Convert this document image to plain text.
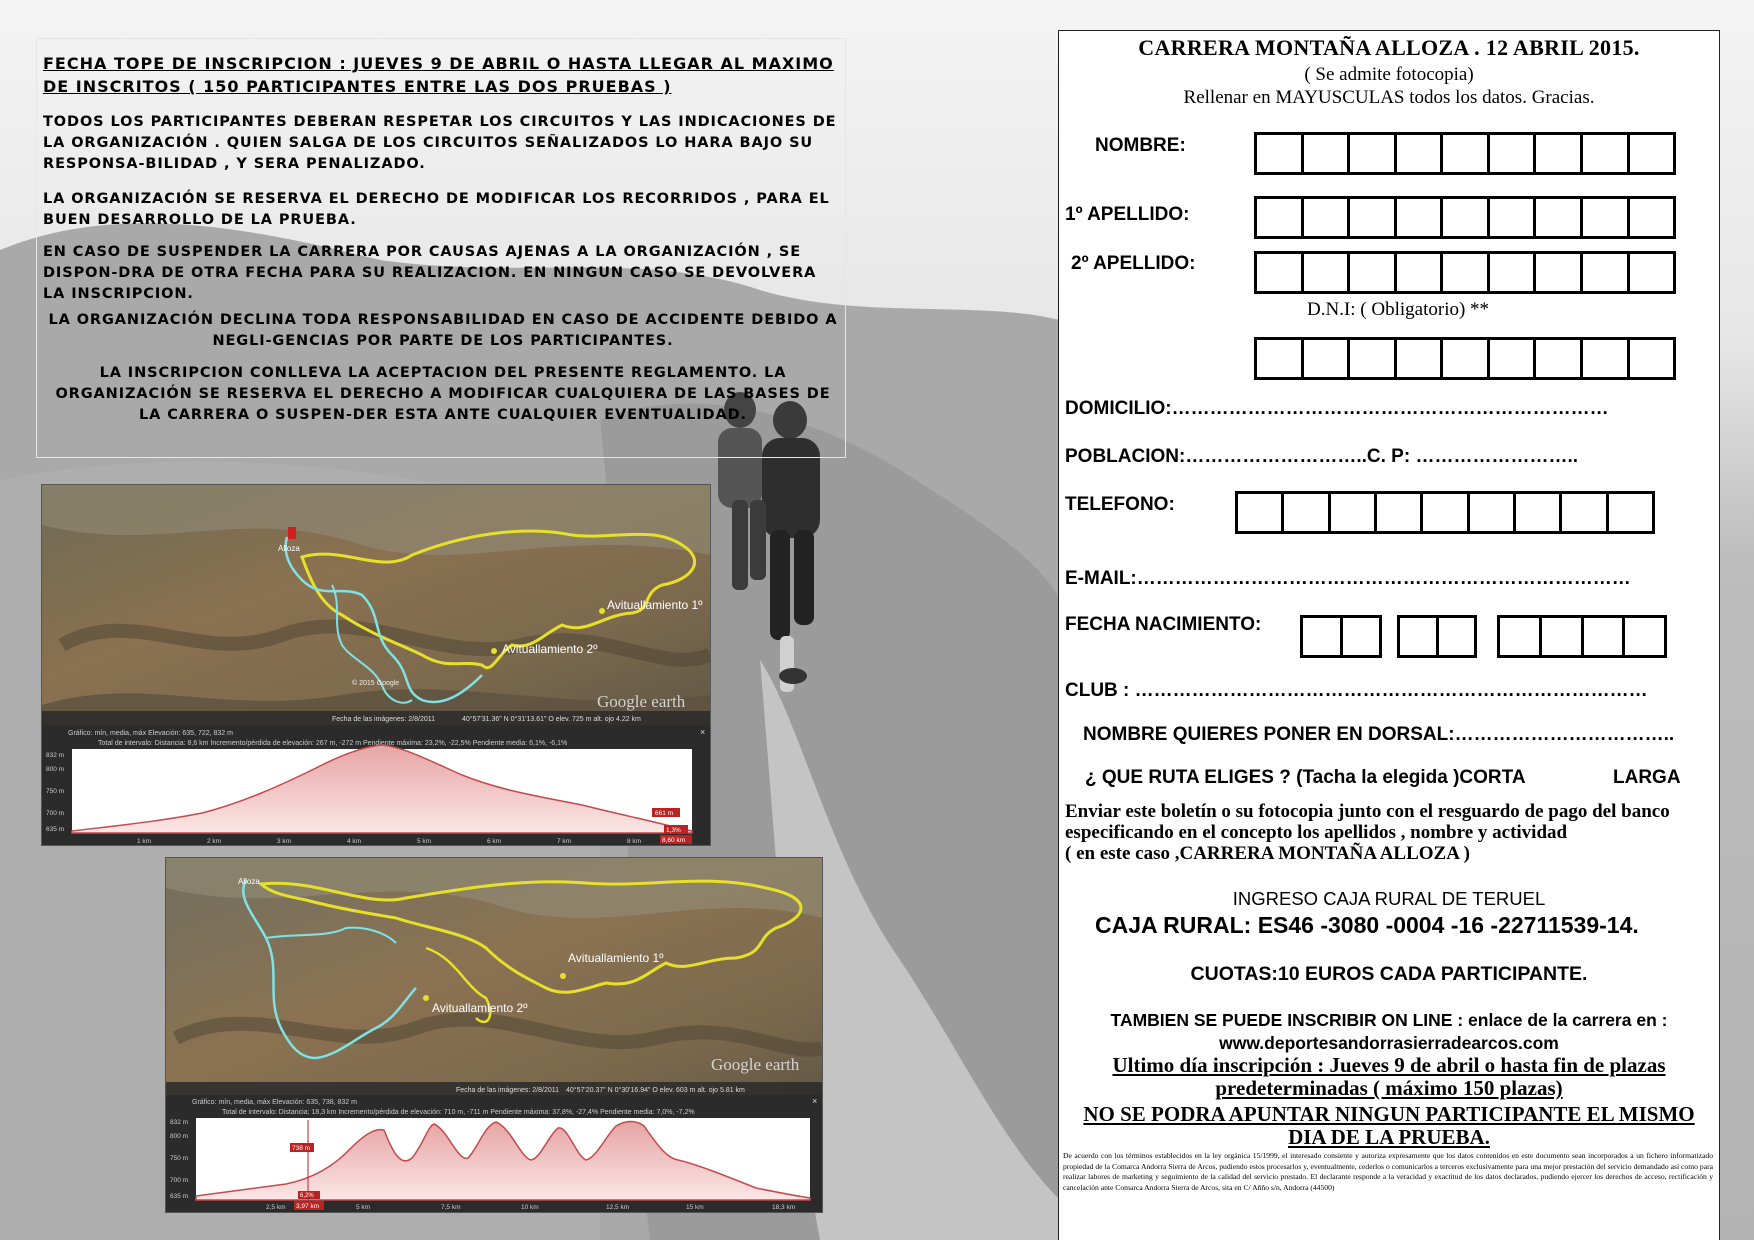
FECHA TOPE DE INSCRIPCION : JUEVES 9 DE ABRIL O HASTA LLEGAR AL MAXIMO DE INSCRITOS ( 150 PARTICIPANTES ENTRE LAS DOS PRUEBAS )

TODOS LOS PARTICIPANTES DEBERAN RESPETAR LOS CIRCUITOS Y LAS INDICACIONES DE LA ORGANIZACIÓN . QUIEN SALGA DE LOS CIRCUITOS SEÑALIZADOS LO HARA BAJO SU RESPONSA-BILIDAD , Y SERA PENALIZADO.

LA ORGANIZACIÓN SE RESERVA EL DERECHO DE MODIFICAR LOS RECORRIDOS , PARA EL BUEN DESARROLLO DE LA PRUEBA.

EN CASO DE SUSPENDER LA CARRERA POR CAUSAS AJENAS A LA ORGANIZACIÓN , SE DISPON-DRA DE OTRA FECHA PARA SU REALIZACION. EN NINGUN CASO SE DEVOLVERA LA INSCRIPCION.

LA ORGANIZACIÓN DECLINA TODA RESPONSABILIDAD EN CASO DE ACCIDENTE DEBIDO A NEGLI-GENCIAS POR PARTE DE LOS PARTICIPANTES.

LA INSCRIPCION CONLLEVA LA ACEPTACION DEL PRESENTE REGLAMENTO. LA ORGANIZACIÓN SE RESERVA EL DERECHO A MODIFICAR CUALQUIERA DE LAS BASES DE LA CARRERA O SUSPEN-DER ESTA ANTE CUALQUIER EVENTUALIDAD.

Avituallamiento 1º
Avituallamiento 2º
Alloza
Google earth
© 2015 Google
Fecha de las imágenes: 2/8/2011	40°57'31.36" N 0°31'13.61" O elev. 725 m alt. ojo 4.22 km
Gráfico: mín, media, máx Elevación: 635, 722, 832 m
Total de intervalo: Distancia: 8,6 km Incremento/pérdida de elevación: 267 m, -272 m Pendiente máxima: 23,2%, -22,5% Pendiente media: 6,1%, -6,1%
×
832 m
800 m
750 m
700 m
635 m
1 km	2 km	3 km	4 km	5 km	6 km	7 km	8 km
661 m
1,3%
8,60 km
Avituallamiento 1º
Avituallamiento 2º
Alloza
Google earth
Fecha de las imágenes: 2/8/2011 40°57'20.37" N 0°30'16.94" O elev. 603 m alt. ojo 5.81 km
Gráfico: mín, media, máx Elevación: 635, 738, 832 m
Total de intervalo: Distancia: 18,3 km Incremento/pérdida de elevación: 710 m, -711 m Pendiente máxima: 37,8%, -27,4% Pendiente media: 7,0%, -7,2%
×
738 m
6,2%
3,97 km
832 m
800 m
750 m
700 m
635 m
2,5 km	5 km	7,5 km	10 km	12,5 km	15 km	18,3 km

CARRERA MONTAÑA ALLOZA . 12 ABRIL 2015.

( Se admite fotocopia)

Rellenar en MAYUSCULAS todos los datos. Gracias.

NOMBRE:

1º APELLIDO:

2º APELLIDO:

D.N.I: ( Obligatorio) **

DOMICILIO:……………………………………………………………

POBLACION:………………………..C. P: ……………………..

TELEFONO:

E-MAIL:……………………………………………………………………

FECHA NACIMIENTO:

CLUB : ………………………………………………………………………

NOMBRE QUIERES PONER EN DORSAL:……………………………..

¿ QUE RUTA ELIGES ? (Tacha la elegida )CORTA	LARGA

Enviar este boletín o su fotocopia junto con el resguardo de pago del banco especificando en el concepto los apellidos , nombre y actividad

( en este caso ,CARRERA MONTAÑA ALLOZA )

INGRESO CAJA RURAL DE TERUEL

CAJA RURAL: ES46 -3080 -0004 -16 -22711539-14.

CUOTAS:10 EUROS CADA PARTICIPANTE.

TAMBIEN SE PUEDE INSCRIBIR ON LINE : enlace de la carrera en :

www.deportesandorrasierradearcos.com

Ultimo día inscripción : Jueves 9 de abril o hasta fin de plazas

predeterminadas ( máximo 150 plazas)

NO SE PODRA APUNTAR NINGUN PARTICIPANTE EL MISMO

DIA DE LA PRUEBA.

De acuerdo con los términos establecidos en la ley orgánica 15/1999, el interesado consiente y autoriza expresamente que los datos contenidos en este documento sean incorporados a un fichero informatizado propiedad de la Comarca Andorra Sierra de Arcos, pudiendo estos procesarlos y, eventualmente, cederlos o comunicarlos a terceros exclusivamente para una mejor prestación del servicio demandado así como para realizar labores de marketing y seguimiento de la calidad del servicio prestado. El declarante responde a la veracidad y exactitud de los datos declarados, pudiendo ejercer los derechos de acceso, rectificación y cancelación ante Comarca Andorra Sierra de Arcos, sita en C/ Añño s/n, Andorra (44500)
